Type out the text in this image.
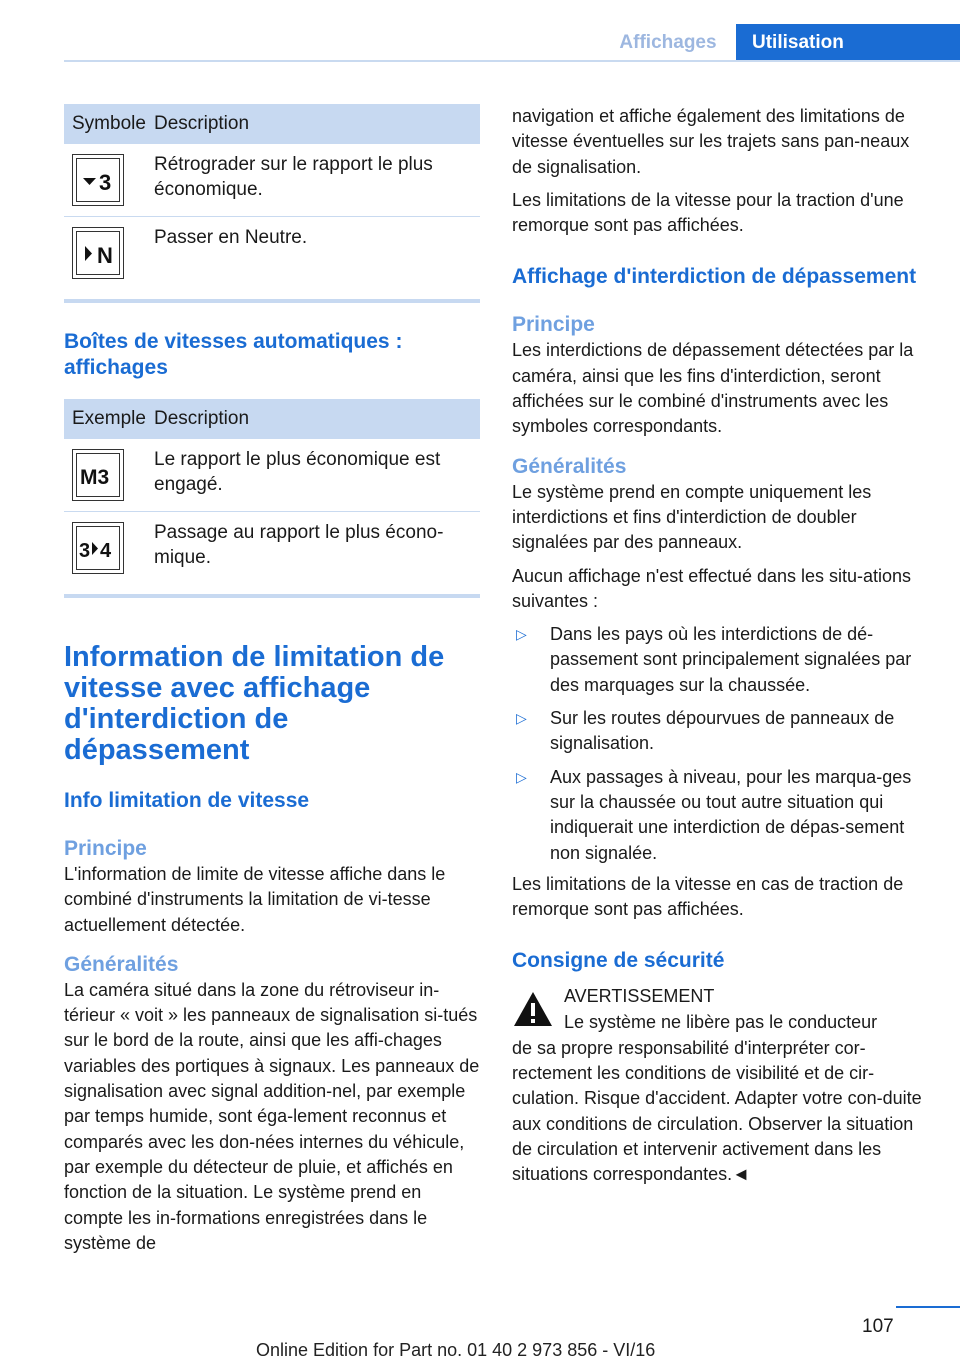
Affichages	Utilisation
Symbole	Description

3	Rétrograder sur le rapport le plus économique.

N	Passer en Neutre.

Boîtes de vitesses automatiques : affichages

Exemple	Description

M3	Le rapport le plus économique est engagé.

3 4	Passage au rapport le plus écono-mique.

Information de limitation de vitesse avec affichage d'interdiction de dépassement

Info limitation de vitesse

Principe

L'information de limite de vitesse affiche dans le combiné d'instruments la limitation de vi-tesse actuellement détectée.

Généralités

La caméra situé dans la zone du rétroviseur in-térieur « voit » les panneaux de signalisation si-tués sur le bord de la route, ainsi que les affi-chages variables des portiques à signaux. Les panneaux de signalisation avec signal addition-nel, par exemple par temps humide, sont éga-lement reconnus et comparés avec les don-nées internes du véhicule, par exemple du détecteur de pluie, et affichés en fonction de la situation. Le système prend en compte les in-formations enregistrées dans le système de

navigation et affiche également des limitations de vitesse éventuelles sur les trajets sans pan-neaux de signalisation.

Les limitations de la vitesse pour la traction d'une remorque sont pas affichées.

Affichage d'interdiction de dépassement

Principe

Les interdictions de dépassement détectées par la caméra, ainsi que les fins d'interdiction, seront affichées sur le combiné d'instruments avec les symboles correspondants.

Généralités

Le système prend en compte uniquement les interdictions et fins d'interdiction de doubler signalées par des panneaux.

Aucun affichage n'est effectué dans les situ-ations suivantes :

▷	Dans les pays où les interdictions de dé-passement sont principalement signalées par des marquages sur la chaussée.
▷	Sur les routes dépourvues de panneaux de signalisation.
▷	Aux passages à niveau, pour les marqua-ges sur la chaussée ou tout autre situation qui indiquerait une interdiction de dépas-sement non signalée.

Les limitations de la vitesse en cas de traction de remorque sont pas affichées.

Consigne de sécurité

AVERTISSEMENT
Le système ne libère pas le conducteur

de sa propre responsabilité d'interpréter cor-rectement les conditions de visibilité et de cir-culation. Risque d'accident. Adapter votre con-duite aux conditions de circulation. Observer la situation de circulation et intervenir activement dans les situations correspondantes.◄

107
Online Edition for Part no. 01 40 2 973 856 - VI/16
